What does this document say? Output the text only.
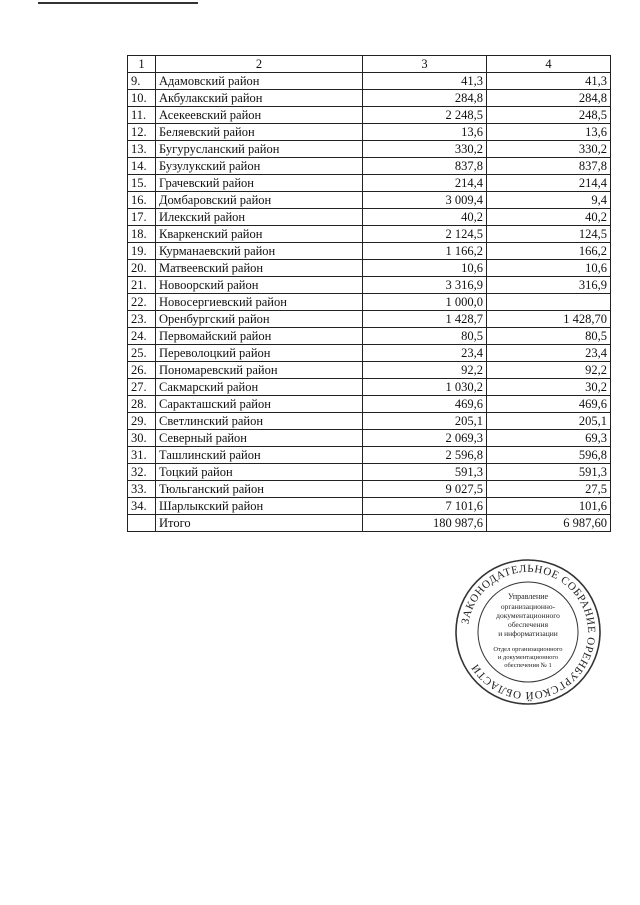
1	2	3	4
9.	Адамовский район	41,3	41,3
10.	Акбулакский район	284,8	284,8
11.	Асекеевский район	2 248,5	248,5
12.	Беляевский район	13,6	13,6
13.	Бугурусланский район	330,2	330,2
14.	Бузулукский район	837,8	837,8
15.	Грачевский район	214,4	214,4
16.	Домбаровский район	3 009,4	9,4
17.	Илекский район	40,2	40,2
18.	Кваркенский район	2 124,5	124,5
19.	Курманаевский район	1 166,2	166,2
20.	Матвеевский район	10,6	10,6
21.	Новоорский район	3 316,9	316,9
22.	Новосергиевский район	1 000,0	
23.	Оренбургский район	1 428,7	1 428,70
24.	Первомайский район	80,5	80,5
25.	Переволоцкий район	23,4	23,4
26.	Пономаревский район	92,2	92,2
27.	Сакмарский район	1 030,2	30,2
28.	Саракташский район	469,6	469,6
29.	Светлинский район	205,1	205,1
30.	Северный район	2 069,3	69,3
31.	Ташлинский район	2 596,8	596,8
32.	Тоцкий район	591,3	591,3
33.	Тюльганский район	9 027,5	27,5
34.	Шарлыкский район	7 101,6	101,6
	Итого	180 987,6	6 987,60
ЗАКОНОДАТЕЛЬНОЕ СОБРАНИЕ ОРЕНБУРГСКОЙ ОБЛАСТИ
Управление
организационно-
документационного
обеспечения
и информатизации
Отдел организационного
и документационного
обеспечения № 1
